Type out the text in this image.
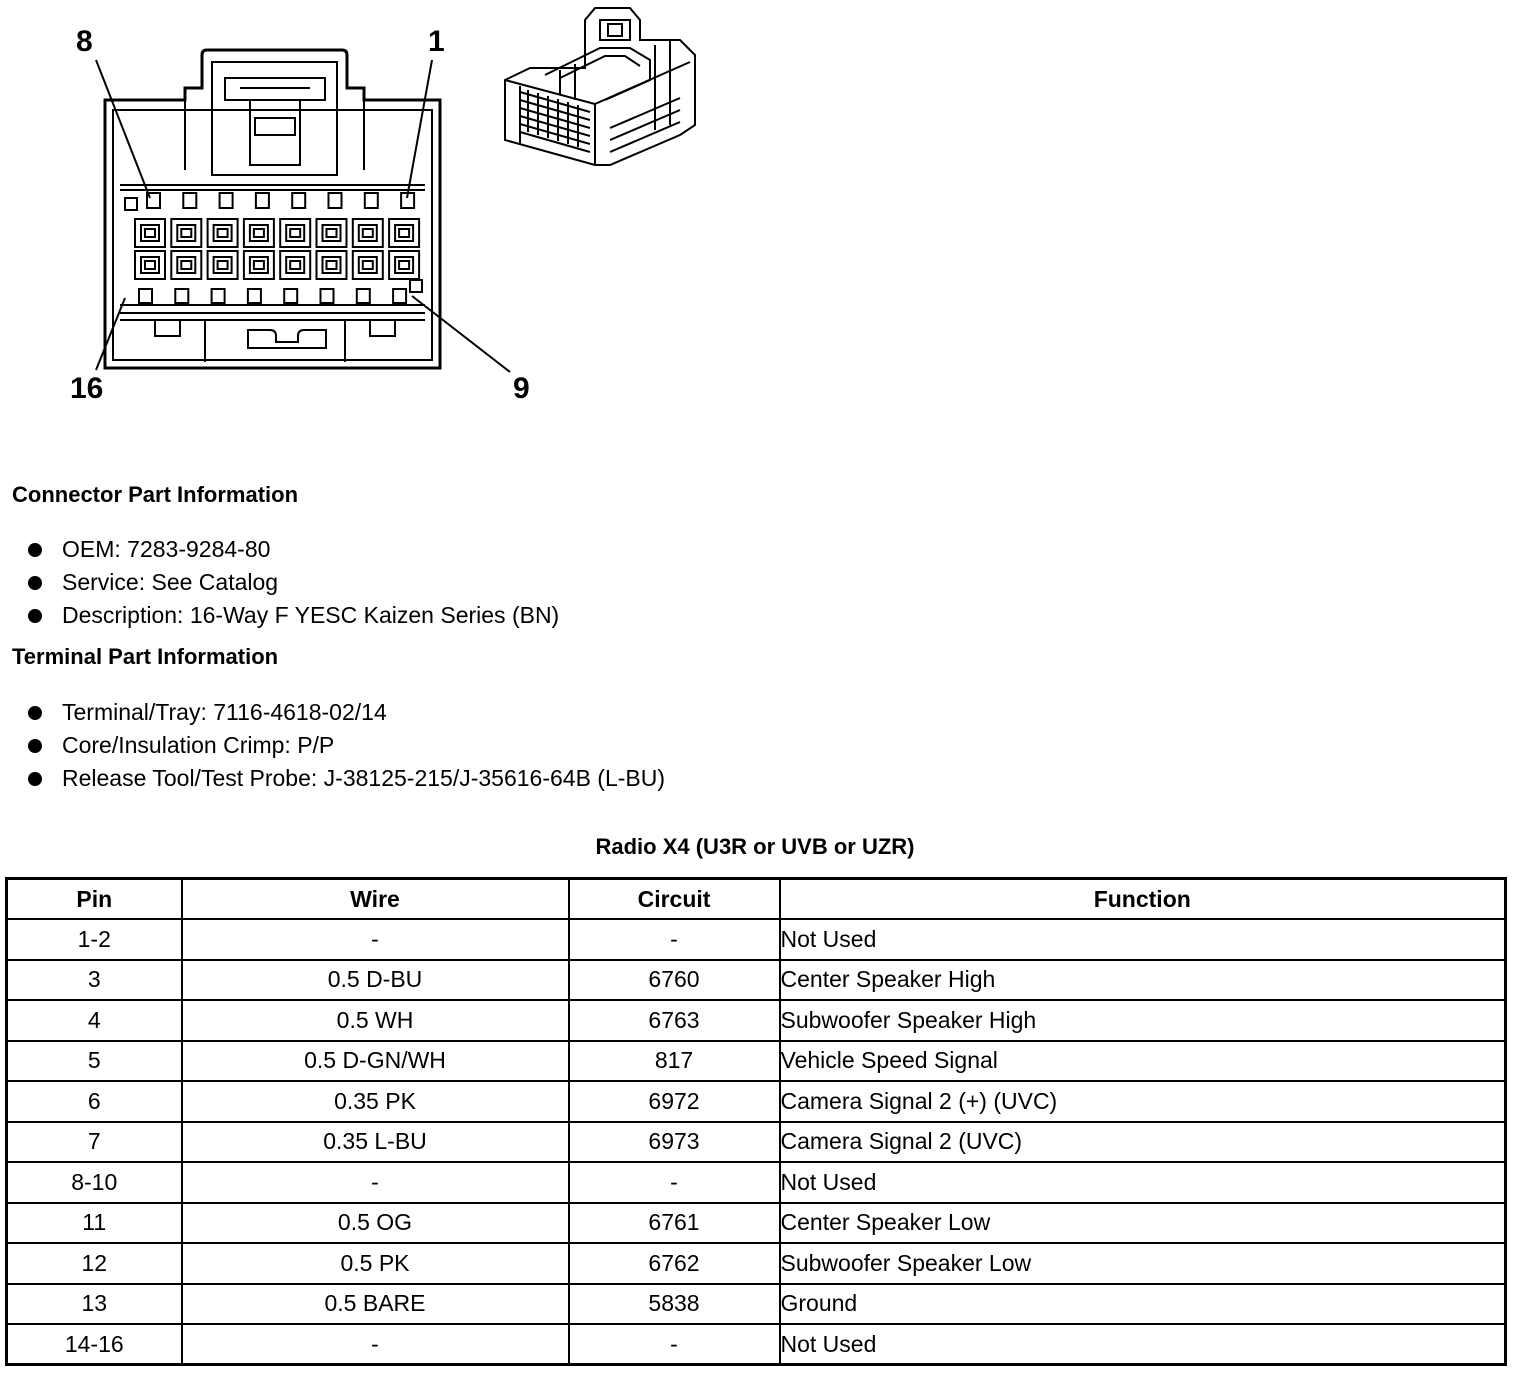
8	1
16	9
Connector Part Information
OEM: 7283-9284-80
Service: See Catalog
Description: 16-Way F YESC Kaizen Series (BN)
Terminal Part Information
Terminal/Tray: 7116-4618-02/14
Core/Insulation Crimp: P/P
Release Tool/Test Probe: J-38125-215/J-35616-64B (L-BU)
Radio X4 (U3R or UVB or UZR)
Pin	Wire	Circuit	Function
1-2	-	-	Not Used
3	0.5 D-BU	6760	Center Speaker High
4	0.5 WH	6763	Subwoofer Speaker High
5	0.5 D-GN/WH	817	Vehicle Speed Signal
6	0.35 PK	6972	Camera Signal 2 (+) (UVC)
7	0.35 L-BU	6973	Camera Signal 2 (UVC)
8-10	-	-	Not Used
11	0.5 OG	6761	Center Speaker Low
12	0.5 PK	6762	Subwoofer Speaker Low
13	0.5 BARE	5838	Ground
14-16	-	-	Not Used
